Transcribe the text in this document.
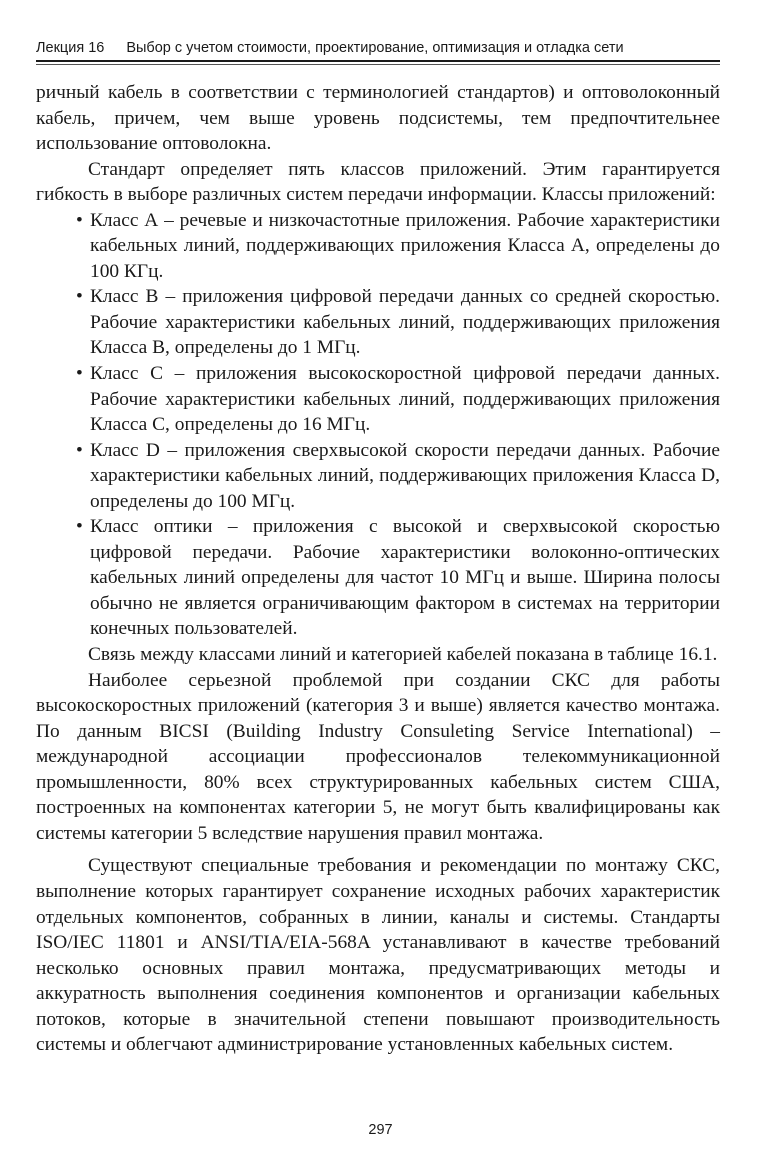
Лекция 16 Выбор с учетом стоимости, проектирование, оптимизация и отладка сети

ричный кабель в соответствии с терминологией стандартов) и оптоволоконный кабель, причем, чем выше уровень подсистемы, тем предпочтительнее использование оптоволокна.

Стандарт определяет пять классов приложений. Этим гарантируется гибкость в выборе различных систем передачи информации. Классы приложений:

• Класс А – речевые и низкочастотные приложения. Рабочие характеристики кабельных линий, поддерживающих приложения Класса А, определены до 100 КГц.
• Класс В – приложения цифровой передачи данных со средней скоростью. Рабочие характеристики кабельных линий, поддерживающих приложения Класса В, определены до 1 МГц.
• Класс С – приложения высокоскоростной цифровой передачи данных. Рабочие характеристики кабельных линий, поддерживающих приложения Класса С, определены до 16 МГц.
• Класс D – приложения сверхвысокой скорости передачи данных. Рабочие характеристики кабельных линий, поддерживающих приложения Класса D, определены до 100 МГц.
• Класс оптики – приложения с высокой и сверхвысокой скоростью цифровой передачи. Рабочие характеристики волоконно-оптических кабельных линий определены для частот 10 МГц и выше. Ширина полосы обычно не является ограничивающим фактором в системах на территории конечных пользователей.

Связь между классами линий и категорией кабелей показана в таблице 16.1.

Наиболее серьезной проблемой при создании СКС для работы высокоскоростных приложений (категория 3 и выше) является качество монтажа. По данным BICSI (Building Industry Consuleting Service International) – международной ассоциации профессионалов телекоммуникационной промышленности, 80% всех структурированных кабельных систем США, построенных на компонентах категории 5, не могут быть квалифицированы как системы категории 5 вследствие нарушения правил монтажа.

Существуют специальные требования и рекомендации по монтажу СКС, выполнение которых гарантирует сохранение исходных рабочих характеристик отдельных компонентов, собранных в линии, каналы и системы. Стандарты ISO/IEC 11801 и ANSI/TIA/EIA-568A устанавливают в качестве требований несколько основных правил монтажа, предусматривающих методы и аккуратность выполнения соединения компонентов и организации кабельных потоков, которые в значительной степени повышают производительность системы и облегчают администрирование установленных кабельных систем.

297
